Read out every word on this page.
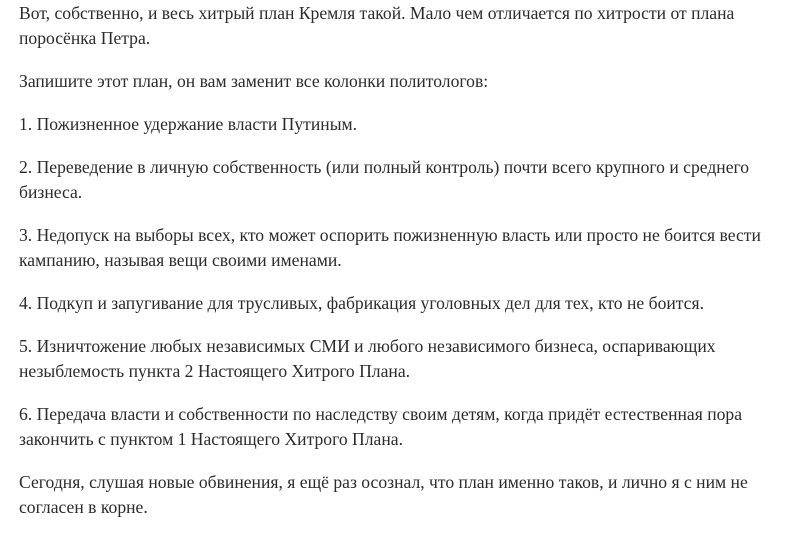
Вот, собственно, и весь хитрый план Кремля такой. Мало чем отличается по хитрости от плана поросёнка Петра.

Запишите этот план, он вам заменит все колонки политологов:

1. Пожизненное удержание власти Путиным.

2. Переведение в личную собственность (или полный контроль) почти всего крупного и среднего бизнеса.

3. Недопуск на выборы всех, кто может оспорить пожизненную власть или просто не боится вести кампанию, называя вещи своими именами.

4. Подкуп и запугивание для трусливых, фабрикация уголовных дел для тех, кто не боится.

5. Изничтожение любых независимых СМИ и любого независимого бизнеса, оспаривающих незыблемость пункта 2 Настоящего Хитрого Плана.

6. Передача власти и собственности по наследству своим детям, когда придёт естественная пора закончить с пунктом 1 Настоящего Хитрого Плана.

Сегодня, слушая новые обвинения, я ещё раз осознал, что план именно таков, и лично я с ним не согласен в корне.
